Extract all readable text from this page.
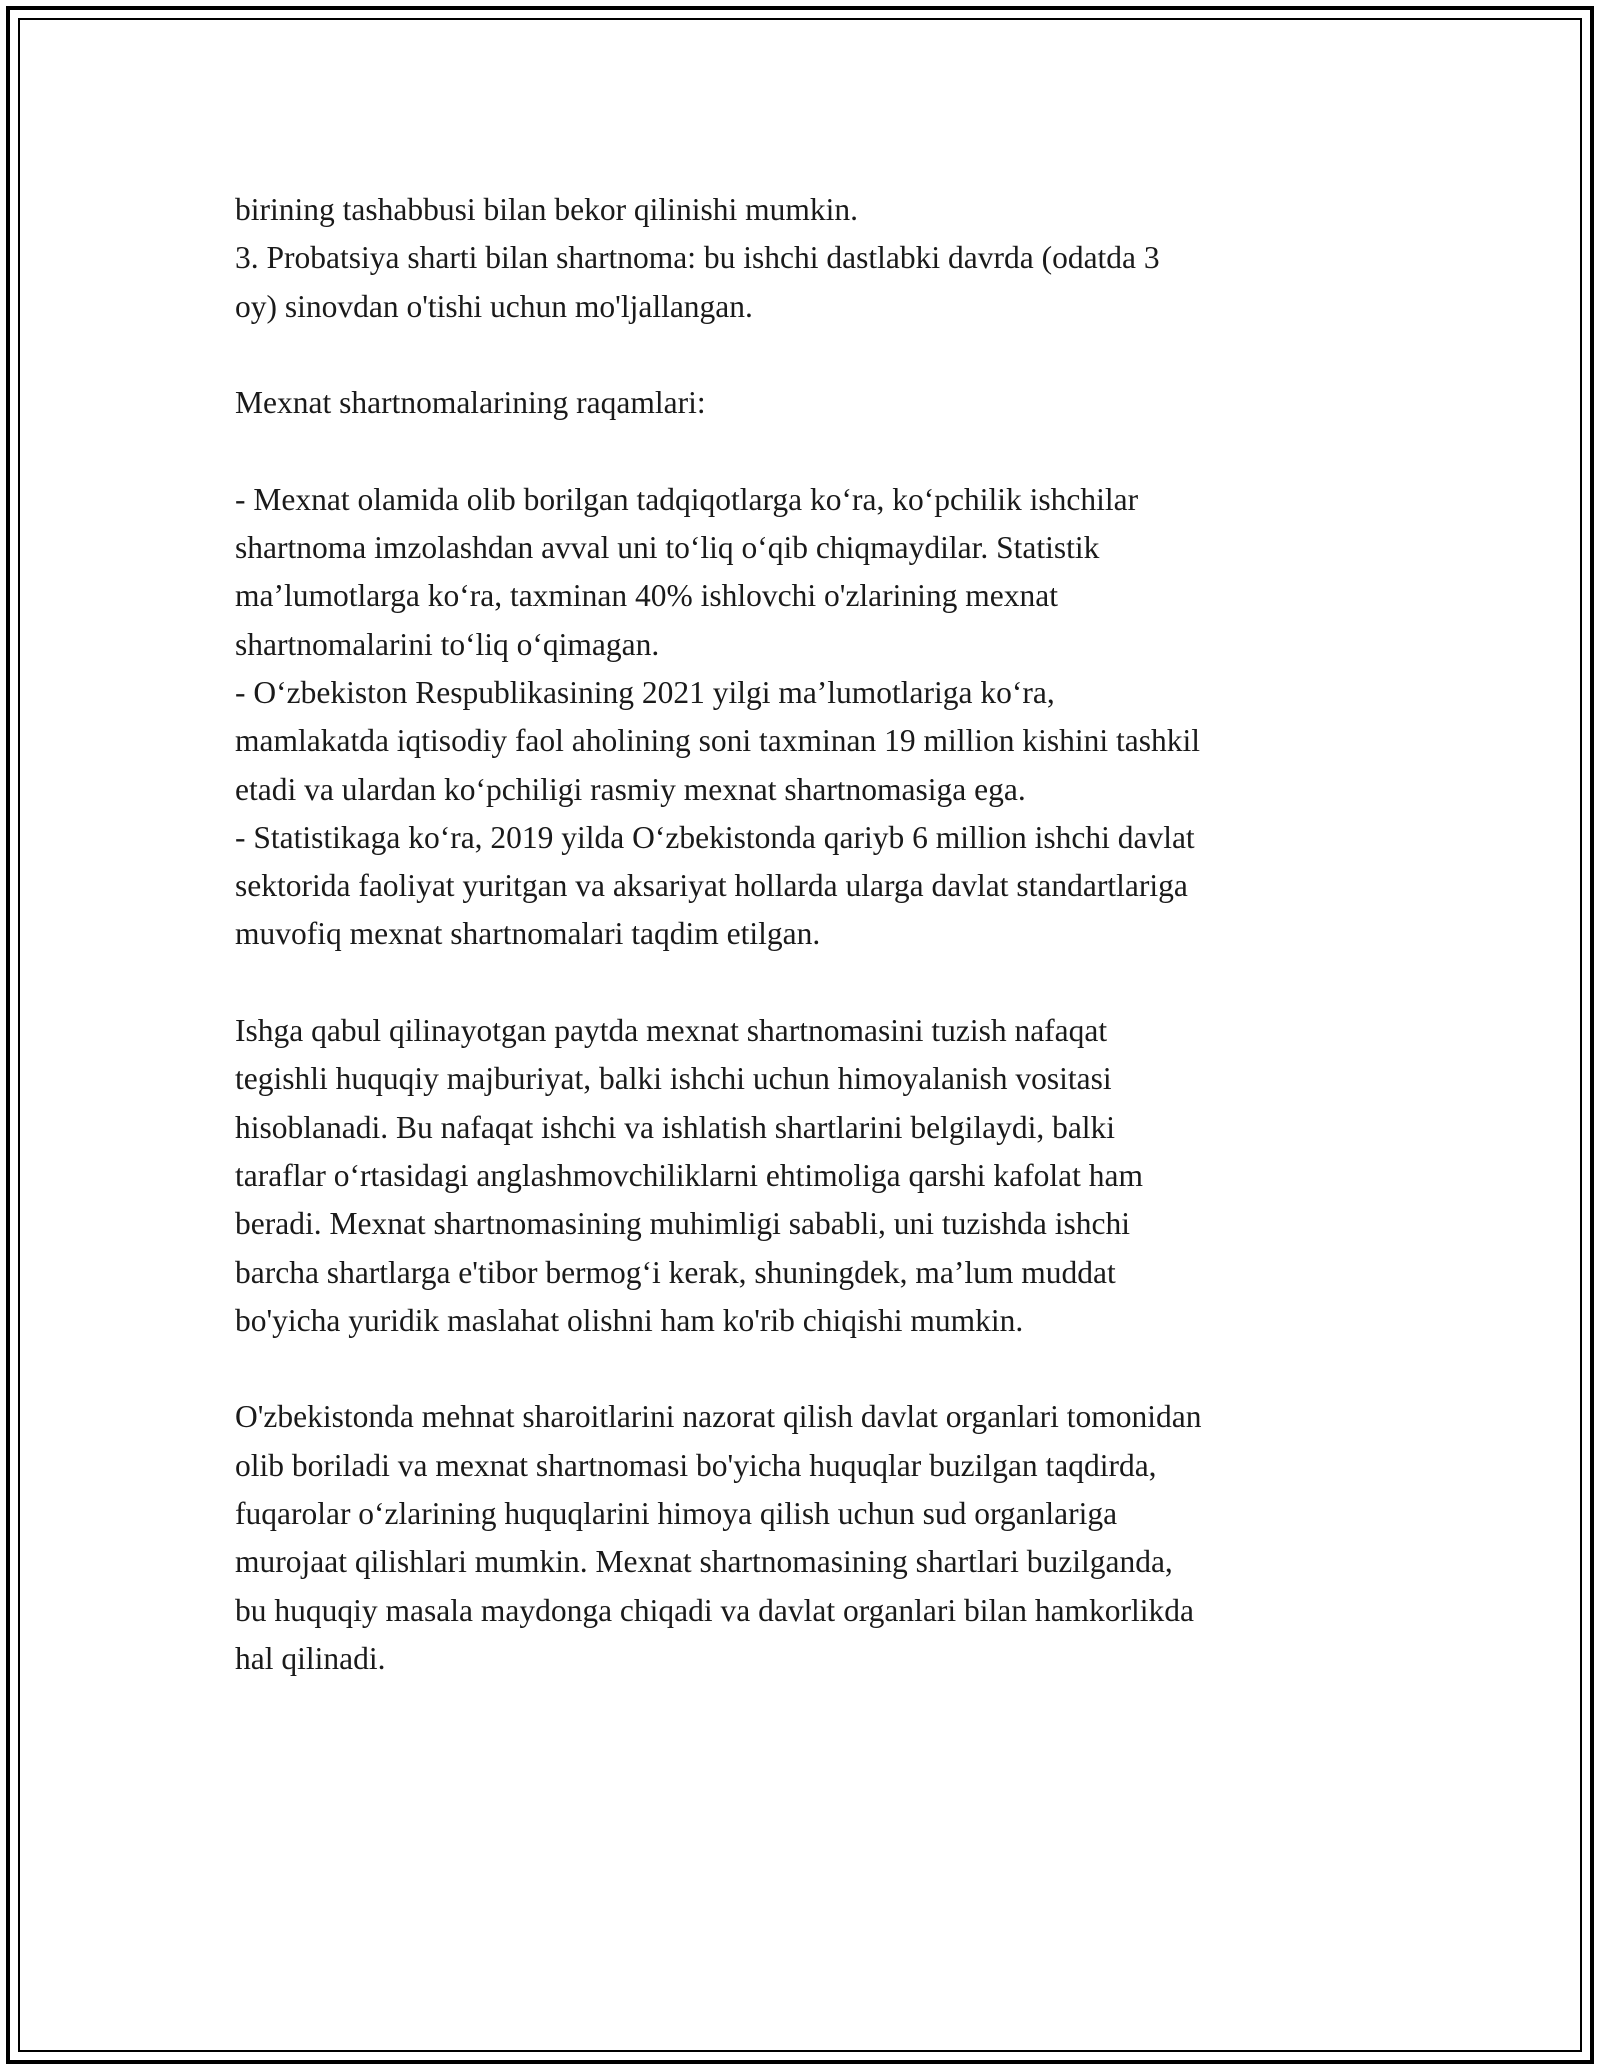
birining tashabbusi bilan bekor qilinishi mumkin.
3. Probatsiya sharti bilan shartnoma: bu ishchi dastlabki davrda (odatda 3
oy) sinovdan o'tishi uchun mo'ljallangan.
Mexnat shartnomalarining raqamlari:
- Mexnat olamida olib borilgan tadqiqotlarga ko‘ra, ko‘pchilik ishchilar
shartnoma imzolashdan avval uni to‘liq o‘qib chiqmaydilar. Statistik
ma’lumotlarga ko‘ra, taxminan 40% ishlovchi o'zlarining mexnat
shartnomalarini to‘liq o‘qimagan.
- O‘zbekiston Respublikasining 2021 yilgi ma’lumotlariga ko‘ra,
mamlakatda iqtisodiy faol aholining soni taxminan 19 million kishini tashkil
etadi va ulardan ko‘pchiligi rasmiy mexnat shartnomasiga ega.
- Statistikaga ko‘ra, 2019 yilda O‘zbekistonda qariyb 6 million ishchi davlat
sektorida faoliyat yuritgan va aksariyat hollarda ularga davlat standartlariga
muvofiq mexnat shartnomalari taqdim etilgan.
Ishga qabul qilinayotgan paytda mexnat shartnomasini tuzish nafaqat
tegishli huquqiy majburiyat, balki ishchi uchun himoyalanish vositasi
hisoblanadi. Bu nafaqat ishchi va ishlatish shartlarini belgilaydi, balki
taraflar o‘rtasidagi anglashmovchiliklarni ehtimoliga qarshi kafolat ham
beradi. Mexnat shartnomasining muhimligi sababli, uni tuzishda ishchi
barcha shartlarga e'tibor bermog‘i kerak, shuningdek, ma’lum muddat
bo'yicha yuridik maslahat olishni ham ko'rib chiqishi mumkin.
O'zbekistonda mehnat sharoitlarini nazorat qilish davlat organlari tomonidan
olib boriladi va mexnat shartnomasi bo'yicha huquqlar buzilgan taqdirda,
fuqarolar o‘zlarining huquqlarini himoya qilish uchun sud organlariga
murojaat qilishlari mumkin. Mexnat shartnomasining shartlari buzilganda,
bu huquqiy masala maydonga chiqadi va davlat organlari bilan hamkorlikda
hal qilinadi.
